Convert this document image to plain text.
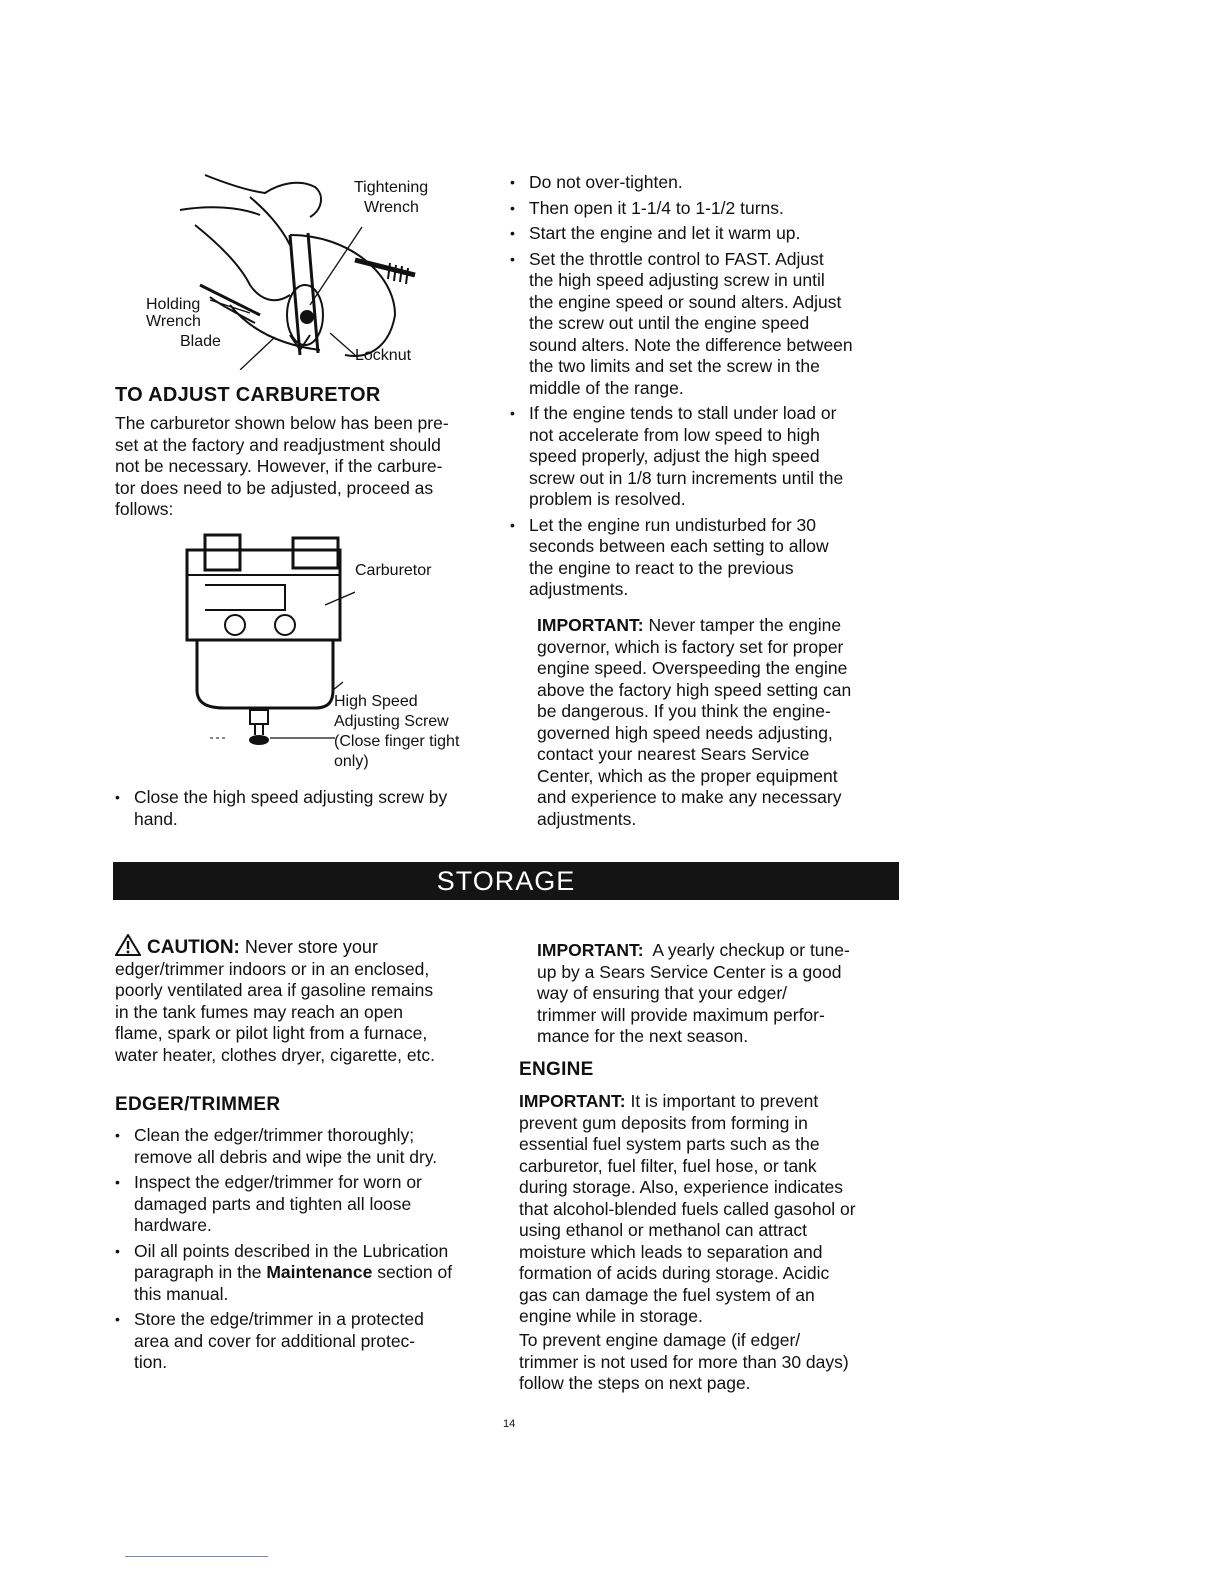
Tightening
Wrench
Holding
Wrench
Blade
Locknut
TO ADJUST CARBURETOR
The carburetor shown below has been pre-
set at the factory and readjustment should
not be necessary. However, if the carbure-
tor does need to be adjusted, proceed as
follows:
Carburetor
High Speed
Adjusting Screw
(Close finger tight
only)
• Close the high speed adjusting screw by
hand.
• Do not over-tighten.
• Then open it 1-1/4 to 1-1/2 turns.
• Start the engine and let it warm up.
• Set the throttle control to FAST. Adjust
the high speed adjusting screw in until
the engine speed or sound alters. Adjust
the screw out until the engine speed
sound alters. Note the difference between
the two limits and set the screw in the
middle of the range.
• If the engine tends to stall under load or
not accelerate from low speed to high
speed properly, adjust the high speed
screw out in 1/8 turn increments until the
problem is resolved.
• Let the engine run undisturbed for 30
seconds between each setting to allow
the engine to react to the previous
adjustments.
IMPORTANT: Never tamper the engine
governor, which is factory set for proper
engine speed. Overspeeding the engine
above the factory high speed setting can
be dangerous. If you think the engine-
governed high speed needs adjusting,
contact your nearest Sears Service
Center, which as the proper equipment
and experience to make any necessary
adjustments.
STORAGE
CAUTION: Never store your
edger/trimmer indoors or in an enclosed,
poorly ventilated area if gasoline remains
in the tank fumes may reach an open
flame, spark or pilot light from a furnace,
water heater, clothes dryer, cigarette, etc.
EDGER/TRIMMER
• Clean the edger/trimmer thoroughly;
remove all debris and wipe the unit dry.
• Inspect the edger/trimmer for worn or
damaged parts and tighten all loose
hardware.
• Oil all points described in the Lubrication
paragraph in the Maintenance section of
this manual.
• Store the edge/trimmer in a protected
area and cover for additional protec-
tion.
IMPORTANT:  A yearly checkup or tune-
up by a Sears Service Center is a good
way of ensuring that your edger/
trimmer will provide maximum perfor-
mance for the next season.
ENGINE
IMPORTANT: It is important to prevent
prevent gum deposits from forming in
essential fuel system parts such as the
carburetor, fuel filter, fuel hose, or tank
during storage. Also, experience indicates
that alcohol-blended fuels called gasohol or
using ethanol or methanol can attract
moisture which leads to separation and
formation of acids during storage. Acidic
gas can damage the fuel system of an
engine while in storage.
To prevent engine damage (if edger/
trimmer is not used for more than 30 days)
follow the steps on next page.
14
